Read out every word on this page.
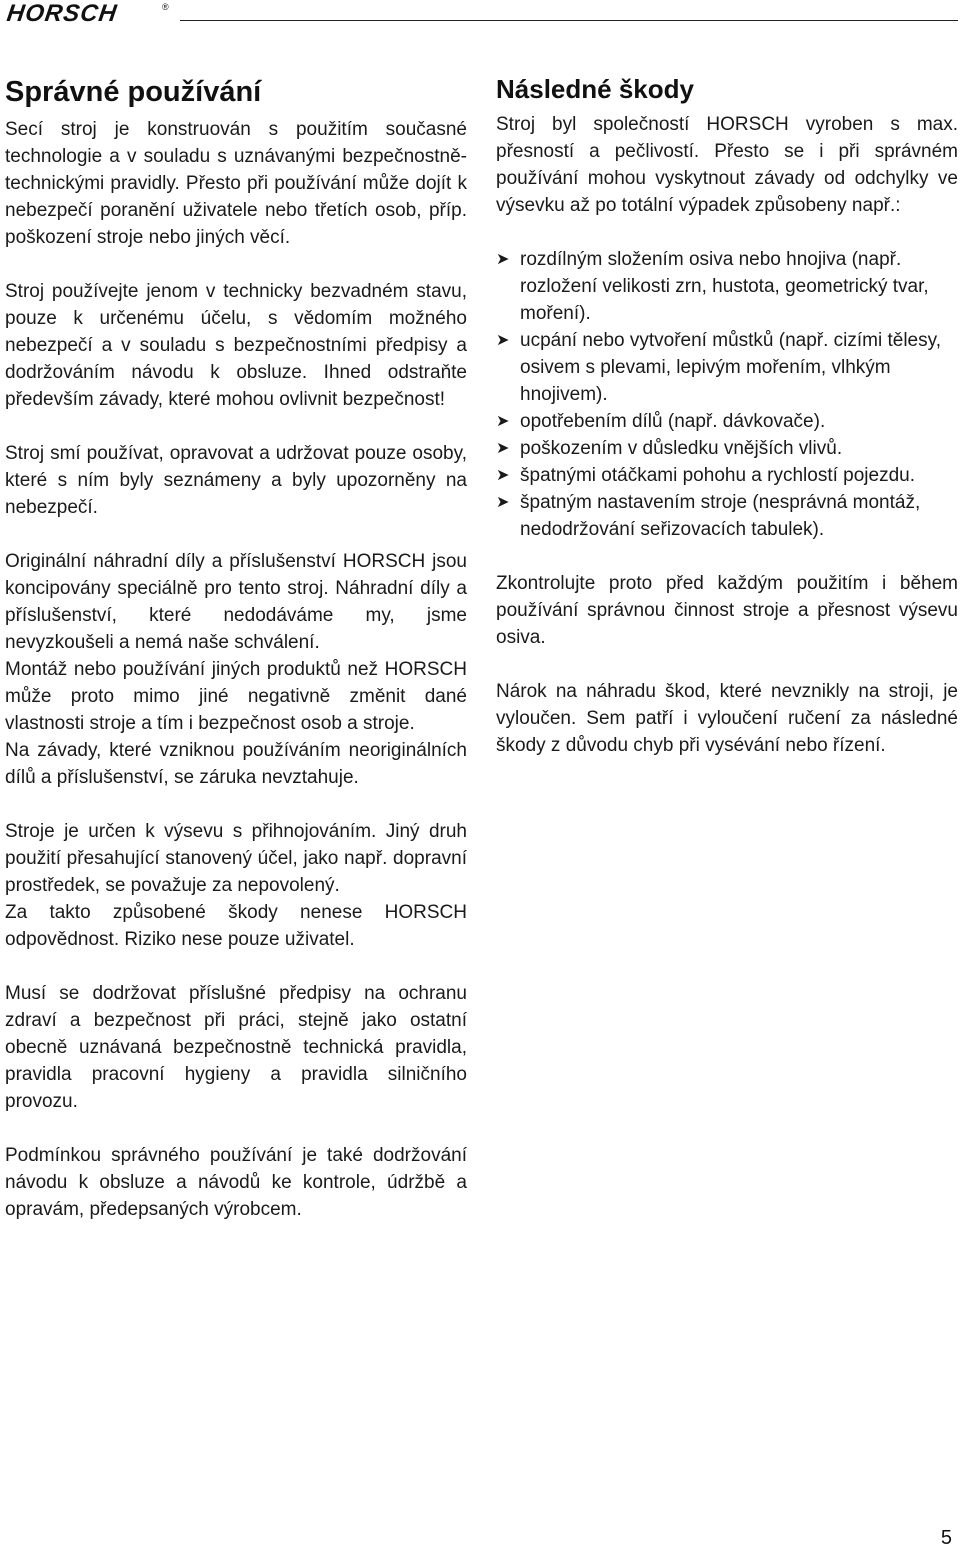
HORSCH	®
Správné používání

Secí stroj je konstruován s použitím současné technologie a v souladu s uznávanými bezpečnostně-technickými pravidly. Přesto při používání může dojít k nebezpečí poranění uživatele nebo třetích osob, příp. poškození stroje nebo jiných věcí.

Stroj používejte jenom v technicky bezvadném stavu, pouze k určenému účelu, s vědomím možného nebezpečí a v souladu s bezpečnostními předpisy a dodržováním návodu k obsluze. Ihned odstraňte především závady, které mohou ovlivnit bezpečnost!

Stroj smí používat, opravovat a udržovat pouze osoby, které s ním byly seznámeny a byly upozorněny na nebezpečí.

Originální náhradní díly a příslušenství HORSCH jsou koncipovány speciálně pro tento stroj. Náhradní díly a příslušenství, které nedodáváme my, jsme nevyzkoušeli a nemá naše schválení.

Montáž nebo používání jiných produktů než HORSCH může proto mimo jiné negativně změnit dané vlastnosti stroje a tím i bezpečnost osob a stroje.

Na závady, které vzniknou používáním neoriginálních dílů a příslušenství, se záruka nevztahuje.

Stroje je určen k výsevu s přihnojováním. Jiný druh použití přesahující stanovený účel, jako např. dopravní prostředek, se považuje za nepovolený.

Za takto způsobené škody nenese HORSCH odpovědnost. Riziko nese pouze uživatel.

Musí se dodržovat příslušné předpisy na ochranu zdraví a bezpečnost při práci, stejně jako ostatní obecně uznávaná bezpečnostně technická pravidla, pravidla pracovní hygieny a pravidla silničního provozu.

Podmínkou správného používání je také dodržování návodu k obsluze a návodů ke kontrole, údržbě a opravám, předepsaných výrobcem.

Následné škody

Stroj byl společností HORSCH vyroben s max. přesností a pečlivostí. Přesto se i při správném používání mohou vyskytnout závady od odchylky ve výsevku až po totální výpadek způsobeny např.:

➤ rozdílným složením osiva nebo hnojiva (např. rozložení velikosti zrn, hustota, geometrický tvar, moření).
➤ ucpání nebo vytvoření můstků (např. cizími tělesy, osivem s plevami, lepivým mořením, vlhkým hnojivem).
➤ opotřebením dílů (např. dávkovače).
➤ poškozením v důsledku vnějších vlivů.
➤ špatnými otáčkami pohohu a rychlostí pojezdu.
➤ špatným nastavením stroje (nesprávná montáž, nedodržování seřizovacích tabulek).

Zkontrolujte proto před každým použitím i během používání správnou činnost stroje a přesnost výsevu osiva.

Nárok na náhradu škod, které nevznikly na stroji, je vyloučen. Sem patří i vyloučení ručení za následné škody z důvodu chyb při vysévání nebo řízení.

5
